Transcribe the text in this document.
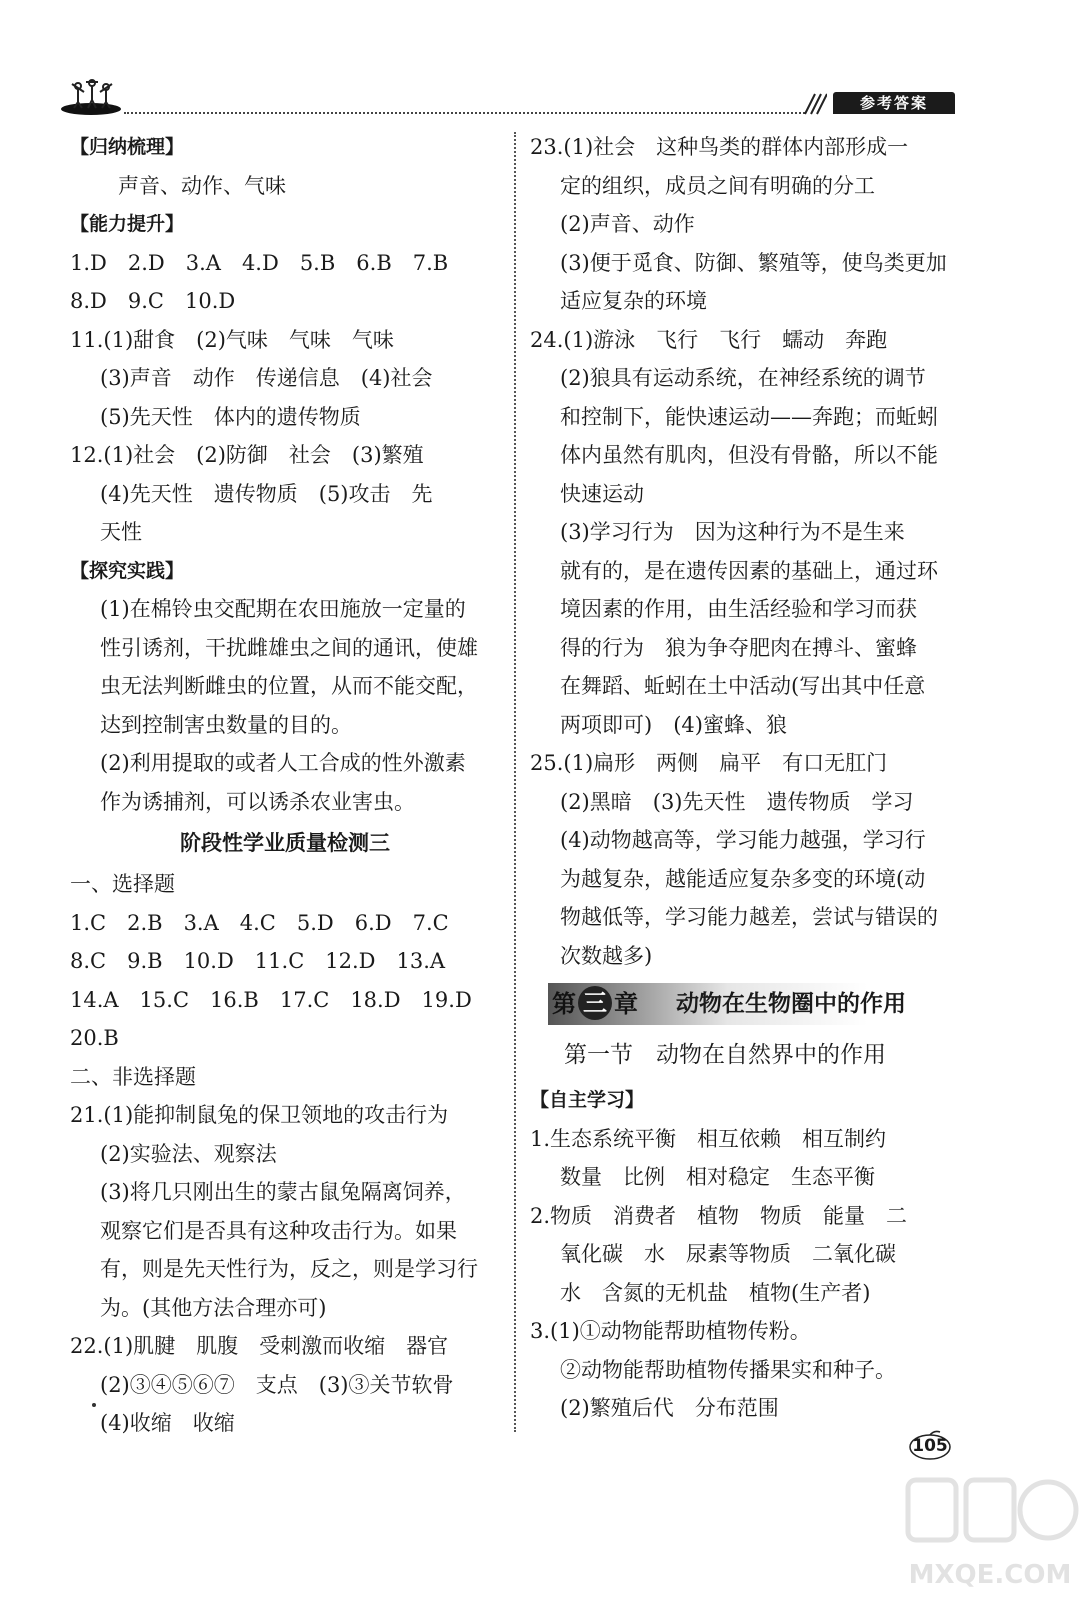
参考答案
【归纳梳理】
声音、动作、气味
【能力提升】
1.D　2.D　3.A　4.D　5.B　6.B　7.B
8.D　9.C　10.D
11.(1)甜食　(2)气味　气味　气味
(3)声音　动作　传递信息　(4)社会
(5)先天性　体内的遗传物质
12.(1)社会　(2)防御　社会　(3)繁殖
(4)先天性　遗传物质　(5)攻击　先
天性
【探究实践】
(1)在棉铃虫交配期在农田施放一定量的
性引诱剂，干扰雌雄虫之间的通讯，使雄
虫无法判断雌虫的位置，从而不能交配，
达到控制害虫数量的目的。
(2)利用提取的或者人工合成的性外激素
作为诱捕剂，可以诱杀农业害虫。
阶段性学业质量检测三
一、选择题
1.C　2.B　3.A　4.C　5.D　6.D　7.C
8.C　9.B　10.D　11.C　12.D　13.A
14.A　15.C　16.B　17.C　18.D　19.D
20.B
二、非选择题
21.(1)能抑制鼠兔的保卫领地的攻击行为
(2)实验法、观察法
(3)将几只刚出生的蒙古鼠兔隔离饲养，
观察它们是否具有这种攻击行为。如果
有，则是先天性行为，反之，则是学习行
为。(其他方法合理亦可)
22.(1)肌腱　肌腹　受刺激而收缩　器官
(2)③④⑤⑥⑦　支点　(3)③关节软骨
(4)收缩　收缩
23.(1)社会　这种鸟类的群体内部形成一
定的组织，成员之间有明确的分工
(2)声音、动作
(3)便于觅食、防御、繁殖等，使鸟类更加
适应复杂的环境
24.(1)游泳　飞行　飞行　蠕动　奔跑
(2)狼具有运动系统，在神经系统的调节
和控制下，能快速运动——奔跑；而蚯蚓
体内虽然有肌肉，但没有骨骼，所以不能
快速运动
(3)学习行为　因为这种行为不是生来
就有的，是在遗传因素的基础上，通过环
境因素的作用，由生活经验和学习而获
得的行为　狼为争夺肥肉在搏斗、蜜蜂
在舞蹈、蚯蚓在土中活动(写出其中任意
两项即可)　(4)蜜蜂、狼
25.(1)扁形　两侧　扁平　有口无肛门
(2)黑暗　(3)先天性　遗传物质　学习
(4)动物越高等，学习能力越强，学习行
为越复杂，越能适应复杂多变的环境(动
物越低等，学习能力越差，尝试与错误的
次数越多)
第 三 章 动物在生物圈中的作用
第一节　动物在自然界中的作用
【自主学习】
1.生态系统平衡　相互依赖　相互制约
数量　比例　相对稳定　生态平衡
2.物质　消费者　植物　物质　能量　二
氧化碳　水　尿素等物质　二氧化碳
水　含氮的无机盐　植物(生产者)
3.(1)①动物能帮助植物传粉。
②动物能帮助植物传播果实和种子。
(2)繁殖后代　分布范围
105
MXQE.COM
